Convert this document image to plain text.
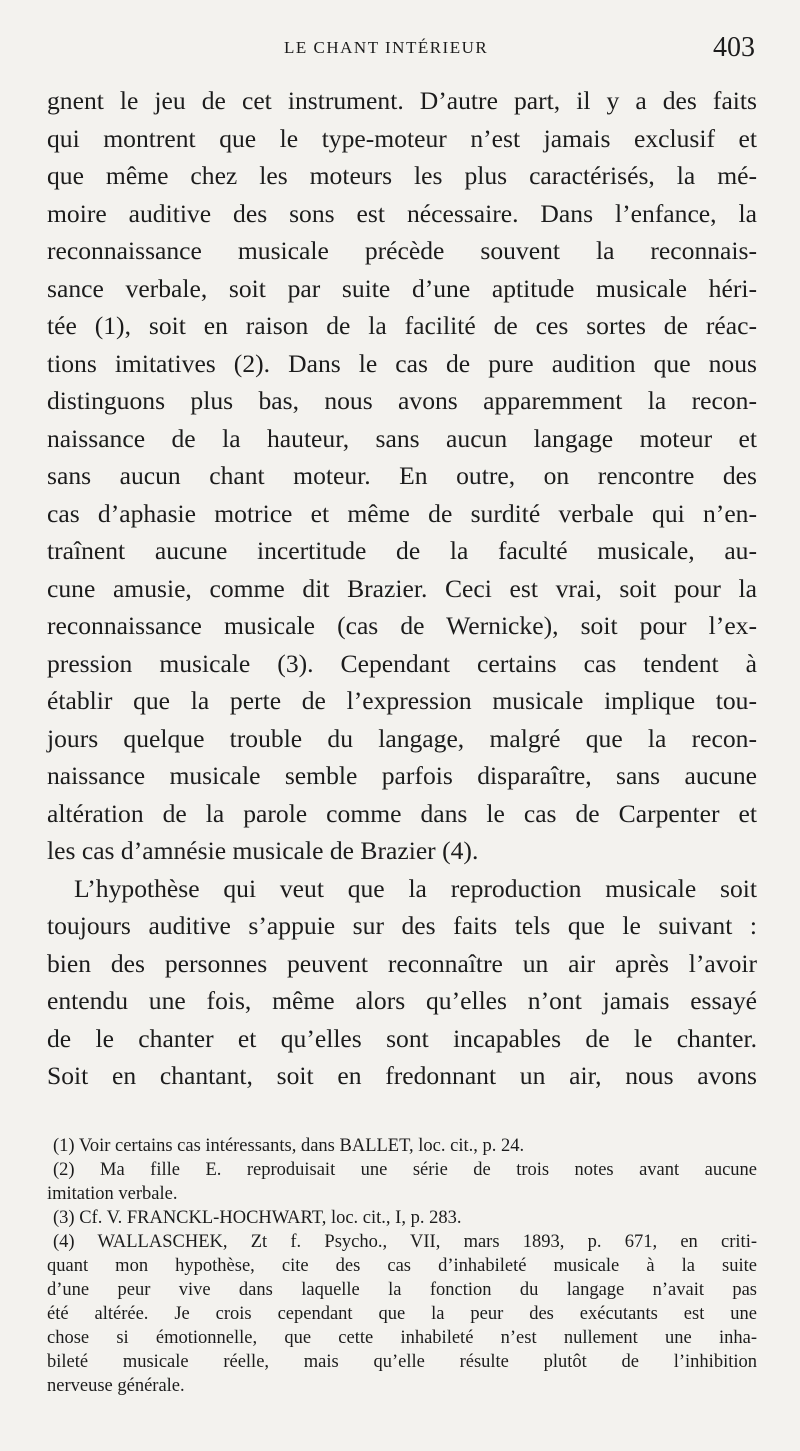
LE CHANT INTÉRIEUR	403
gnent le jeu de cet instrument. D’autre part, il y a des faits
qui montrent que le type-moteur n’est jamais exclusif et
que même chez les moteurs les plus caractérisés, la mé-
moire auditive des sons est nécessaire. Dans l’enfance, la
reconnaissance musicale précède souvent la reconnais-
sance verbale, soit par suite d’une aptitude musicale héri-
tée (1), soit en raison de la facilité de ces sortes de réac-
tions imitatives (2). Dans le cas de pure audition que nous
distinguons plus bas, nous avons apparemment la recon-
naissance de la hauteur, sans aucun langage moteur et
sans aucun chant moteur. En outre, on rencontre des
cas d’aphasie motrice et même de surdité verbale qui n’en-
traînent aucune incertitude de la faculté musicale, au-
cune amusie, comme dit Brazier. Ceci est vrai, soit pour la
reconnaissance musicale (cas de Wernicke), soit pour l’ex-
pression musicale (3). Cependant certains cas tendent à
établir que la perte de l’expression musicale implique tou-
jours quelque trouble du langage, malgré que la recon-
naissance musicale semble parfois disparaître, sans aucune
altération de la parole comme dans le cas de Carpenter et
les cas d’amnésie musicale de Brazier (4).
L’hypothèse qui veut que la reproduction musicale soit
toujours auditive s’appuie sur des faits tels que le suivant :
bien des personnes peuvent reconnaître un air après l’avoir
entendu une fois, même alors qu’elles n’ont jamais essayé
de le chanter et qu’elles sont incapables de le chanter.
Soit en chantant, soit en fredonnant un air, nous avons
(1) Voir certains cas intéressants, dans BALLET, loc. cit., p. 24.
(2) Ma fille E. reproduisait une série de trois notes avant aucune
imitation verbale.
(3) Cf. V. FRANCKL-HOCHWART, loc. cit., I, p. 283.
(4) WALLASCHEK, Zt f. Psycho., VII, mars 1893, p. 671, en criti-
quant mon hypothèse, cite des cas d’inhabileté musicale à la suite
d’une peur vive dans laquelle la fonction du langage n’avait pas
été altérée. Je crois cependant que la peur des exécutants est une
chose si émotionnelle, que cette inhabileté n’est nullement une inha-
bileté musicale réelle, mais qu’elle résulte plutôt de l’inhibition
nerveuse générale.
